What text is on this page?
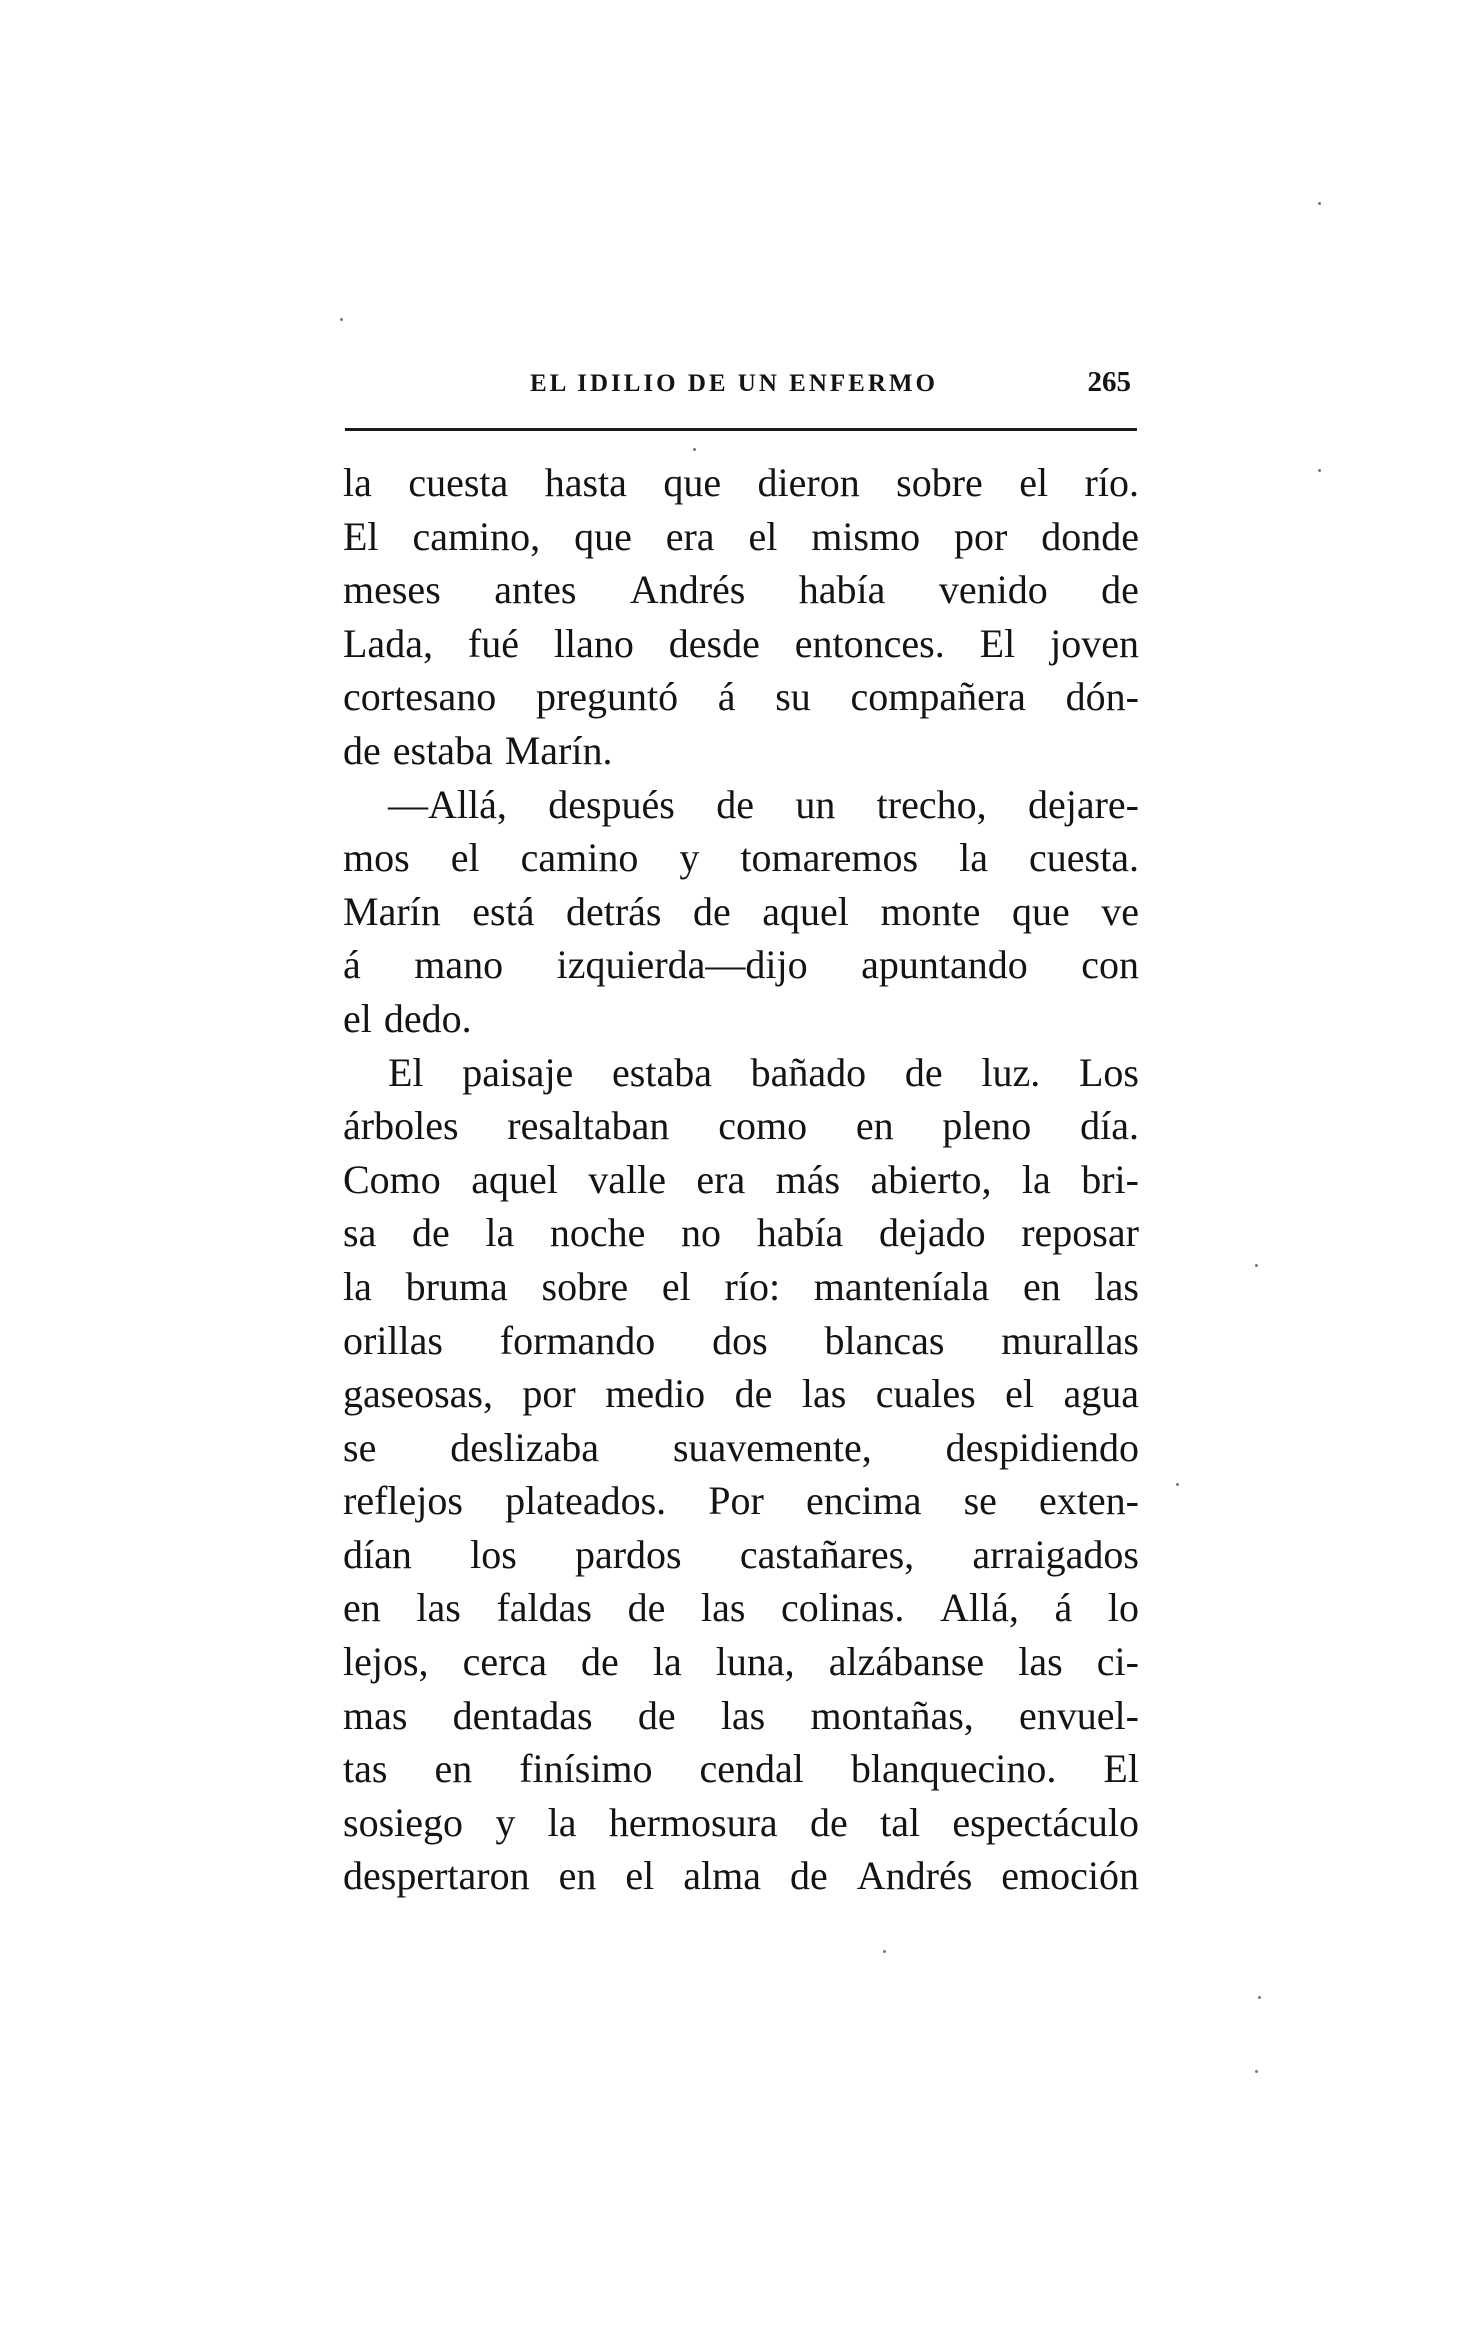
EL IDILIO DE UN ENFERMO	265
la cuesta hasta que dieron sobre el río.
El camino, que era el mismo por donde
meses antes Andrés había venido de
Lada, fué llano desde entonces. El joven
cortesano preguntó á su compañera dón-
de estaba Marín.
—Allá, después de un trecho, dejare-
mos el camino y tomaremos la cuesta.
Marín está detrás de aquel monte que ve
á mano izquierda—dijo apuntando con
el dedo.
El paisaje estaba bañado de luz. Los
árboles resaltaban como en pleno día.
Como aquel valle era más abierto, la bri-
sa de la noche no había dejado reposar
la bruma sobre el río: manteníala en las
orillas formando dos blancas murallas
gaseosas, por medio de las cuales el agua
se deslizaba suavemente, despidiendo
reflejos plateados. Por encima se exten-
dían los pardos castañares, arraigados
en las faldas de las colinas. Allá, á lo
lejos, cerca de la luna, alzábanse las ci-
mas dentadas de las montañas, envuel-
tas en finísimo cendal blanquecino. El
sosiego y la hermosura de tal espectáculo
despertaron en el alma de Andrés emoción
